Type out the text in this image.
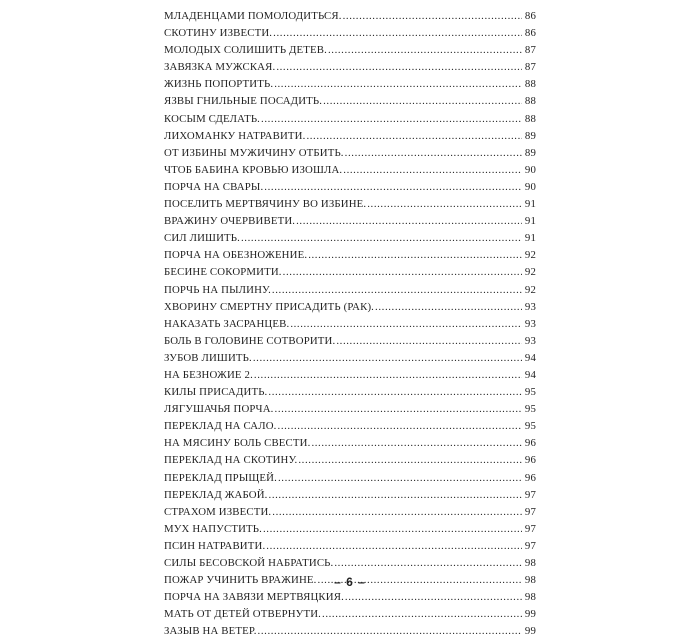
МЛАДЕНЦАМИ ПОМОЛОДИТЬСЯ. .....	86
СКОТИНУ ИЗВЕСТИ. .....	86
МОЛОДЫХ СОЛИШИТЬ ДЕТЕВ. .....	87
ЗАВЯЗКА МУЖСКАЯ. .....	87
ЖИЗНЬ ПОПОРТИТЬ. .....	88
ЯЗВЫ ГНИЛЬНЫЕ ПОСАДИТЬ. .....	88
КОСЫМ СДЕЛАТЬ. .....	88
ЛИХОМАНКУ НАТРАВИТИ. .....	89
ОТ ИЗБИНЫ МУЖИЧИНУ ОТБИТЬ. .....	89
ЧТОБ БАБИНА КРОВЬЮ ИЗОШЛА. .....	90
ПОРЧА НА СВАРЫ. .....	90
ПОСЕЛИТЬ МЕРТВЯЧИНУ ВО ИЗБИНЕ. .....	91
ВРАЖИНУ ОЧЕРВИВЕТИ. .....	91
СИЛ ЛИШИТЬ. .....	91
ПОРЧА НА ОБЕЗНОЖЕНИЕ. .....	92
БЕСИНЕ СОКОРМИТИ. .....	92
ПОРЧЬ НА ПЫЛИНУ. .....	92
ХВОРИНУ СМЕРТНУ ПРИСАДИТЬ (РАК). .....	93
НАКАЗАТЬ ЗАСРАНЦЕВ. .....	93
БОЛЬ В ГОЛОВИНЕ СОТВОРИТИ. .....	93
ЗУБОВ ЛИШИТЬ. .....	94
НА БЕЗНОЖИЕ 2. .....	94
КИЛЫ ПРИСАДИТЬ. .....	95
ЛЯГУШАЧЬЯ ПОРЧА. .....	95
ПЕРЕКЛАД НА САЛО. .....	95
НА МЯСИНУ БОЛЬ СВЕСТИ. .....	96
ПЕРЕКЛАД НА СКОТИНУ. .....	96
ПЕРЕКЛАД ПРЫЩЕЙ. .....	96
ПЕРЕКЛАД ЖАБОЙ. .....	97
СТРАХОМ ИЗВЕСТИ. .....	97
МУХ НАПУСТИТЬ. .....	97
ПСИН НАТРАВИТИ. .....	97
СИЛЫ БЕСОВСКОЙ НАБРАТИСЬ. .....	98
ПОЖАР УЧИНИТЬ ВРАЖИНЕ. .....	98
ПОРЧА НА ЗАВЯЗИ МЕРТВЯЦКИЯ. .....	98
МАТЬ ОТ ДЕТЕЙ ОТВЕРНУТИ. .....	99
ЗАЗЫВ НА ВЕТЕР. .....	99
– 6 –
